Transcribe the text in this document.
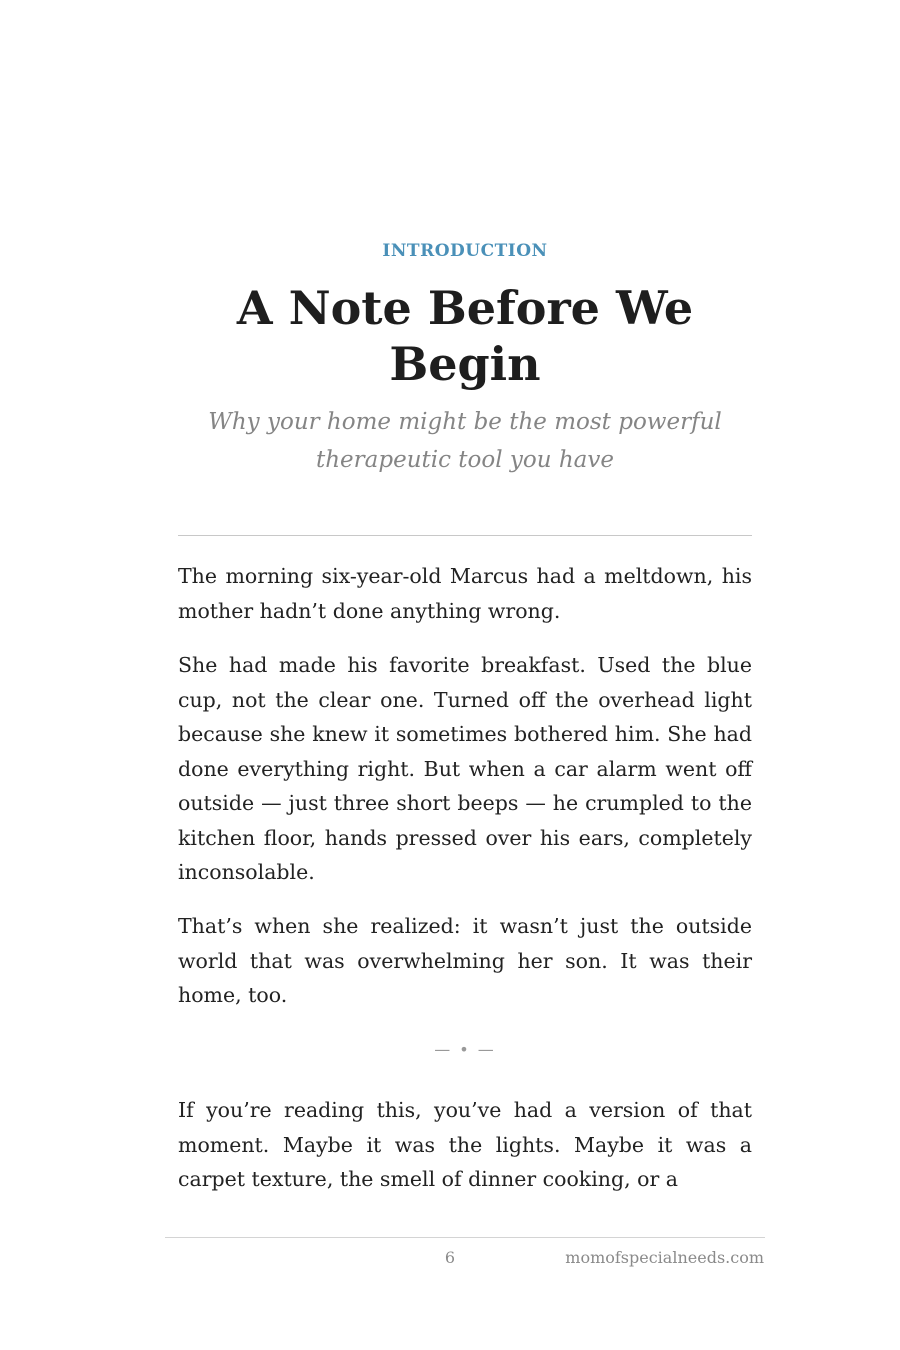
INTRODUCTION
A Note Before We Begin
Why your home might be the most powerful therapeutic tool you have

The morning six-year-old Marcus had a meltdown, his mother hadn’t done anything wrong.

She had made his favorite breakfast. Used the blue cup, not the clear one. Turned off the overhead light because she knew it sometimes bothered him. She had done everything right. But when a car alarm went off outside — just three short beeps — he crumpled to the kitchen floor, hands pressed over his ears, completely inconsolable.

That’s when she realized: it wasn’t just the outside world that was overwhelming her son. It was their home, too.

— • —

If you’re reading this, you’ve had a version of that moment. Maybe it was the lights. Maybe it was a carpet texture, the smell of dinner cooking, or a

6	momofspecialneeds.com
